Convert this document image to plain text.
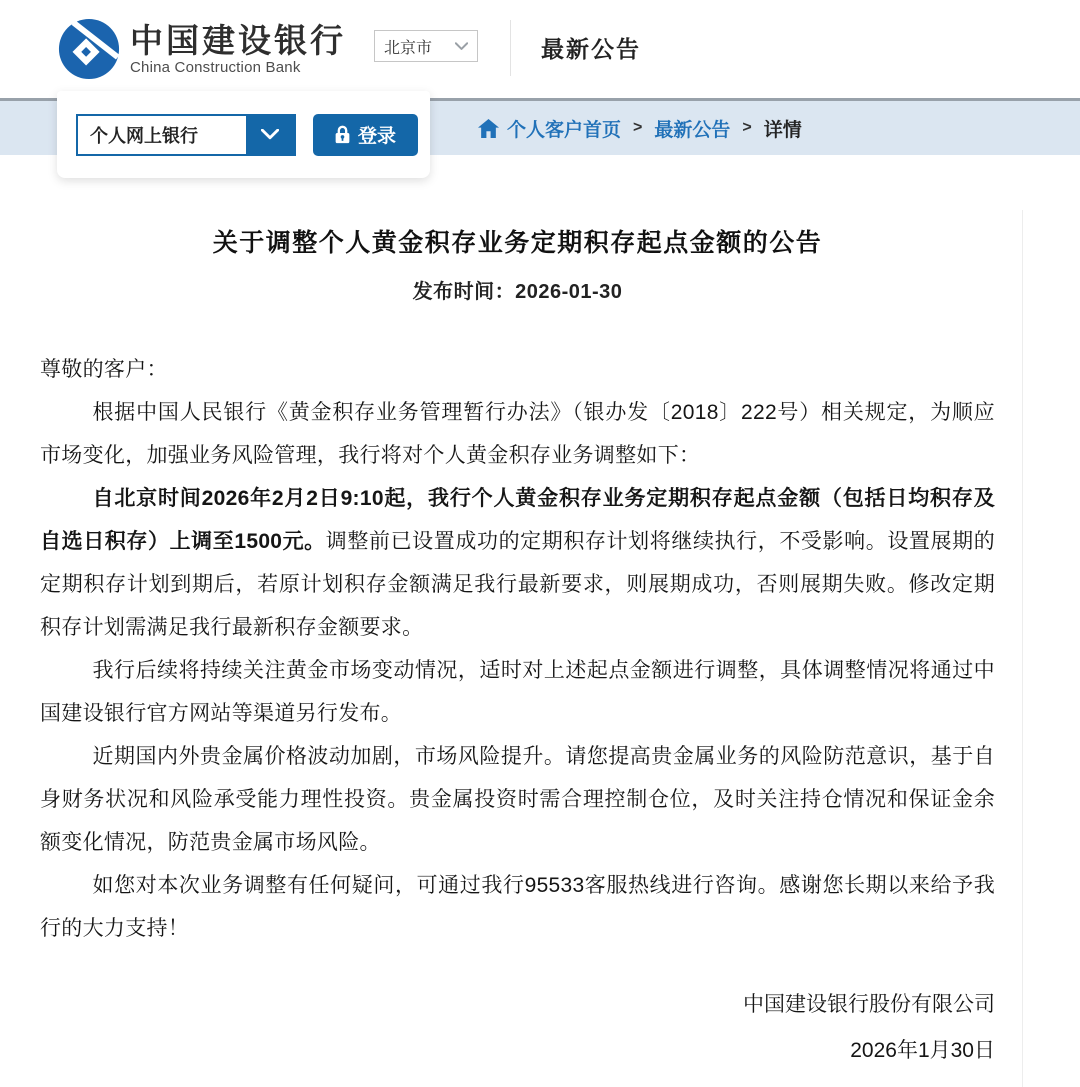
中国建设银行
China Construction Bank
北京市	最新公告
个人网上银行	登录	个人客户首页 > 最新公告 > 详情
关于调整个人黄金积存业务定期积存起点金额的公告
发布时间：2026-01-30

尊敬的客户：

根据中国人民银行《黄金积存业务管理暂行办法》（银办发〔2018〕222号）相关规定，为顺应市场变化，加强业务风险管理，我行将对个人黄金积存业务调整如下：

自北京时间2026年2月2日9:10起，我行个人黄金积存业务定期积存起点金额（包括日均积存及自选日积存）上调至1500元。调整前已设置成功的定期积存计划将继续执行，不受影响。设置展期的定期积存计划到期后，若原计划积存金额满足我行最新要求，则展期成功，否则展期失败。修改定期积存计划需满足我行最新积存金额要求。

我行后续将持续关注黄金市场变动情况，适时对上述起点金额进行调整，具体调整情况将通过中国建设银行官方网站等渠道另行发布。

近期国内外贵金属价格波动加剧，市场风险提升。请您提高贵金属业务的风险防范意识，基于自身财务状况和风险承受能力理性投资。贵金属投资时需合理控制仓位，及时关注持仓情况和保证金余额变化情况，防范贵金属市场风险。

如您对本次业务调整有任何疑问，可通过我行95533客服热线进行咨询。感谢您长期以来给予我行的大力支持！

中国建设银行股份有限公司
2026年1月30日
